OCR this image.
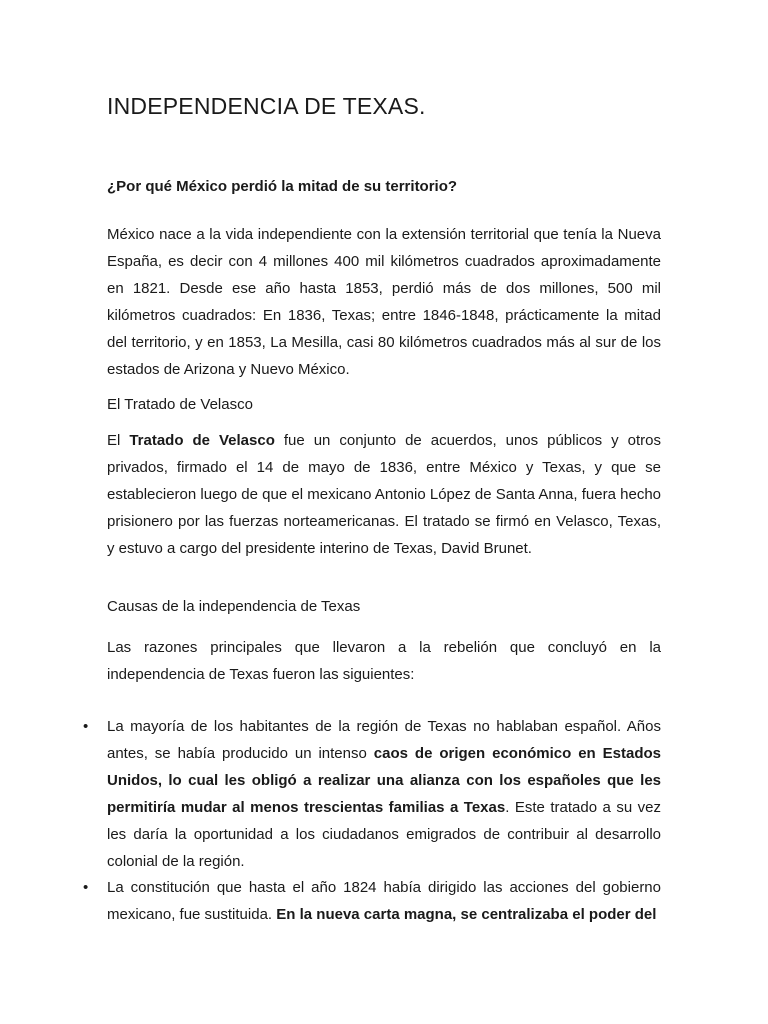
INDEPENDENCIA DE TEXAS.

¿Por qué México perdió la mitad de su territorio?

México nace a la vida independiente con la extensión territorial que tenía la Nueva España, es decir con 4 millones 400 mil kilómetros cuadrados aproximadamente en 1821. Desde ese año hasta 1853, perdió más de dos millones, 500 mil kilómetros cuadrados: En 1836, Texas; entre 1846-1848, prácticamente la mitad del territorio, y en 1853, La Mesilla, casi 80 kilómetros cuadrados más al sur de los estados de Arizona y Nuevo México.

El Tratado de Velasco

El Tratado de Velasco fue un conjunto de acuerdos, unos públicos y otros privados, firmado el 14 de mayo de 1836, entre México y Texas, y que se establecieron luego de que el mexicano Antonio López de Santa Anna, fuera hecho prisionero por las fuerzas norteamericanas. El tratado se firmó en Velasco, Texas, y estuvo a cargo del presidente interino de Texas, David Brunet.

Causas de la independencia de Texas

Las razones principales que llevaron a la rebelión que concluyó en la independencia de Texas fueron las siguientes:

• La mayoría de los habitantes de la región de Texas no hablaban español. Años antes, se había producido un intenso caos de origen económico en Estados Unidos, lo cual les obligó a realizar una alianza con los españoles que les permitiría mudar al menos trescientas familias a Texas. Este tratado a su vez les daría la oportunidad a los ciudadanos emigrados de contribuir al desarrollo colonial de la región.
• La constitución que hasta el año 1824 había dirigido las acciones del gobierno mexicano, fue sustituida. En la nueva carta magna, se centralizaba el poder del
